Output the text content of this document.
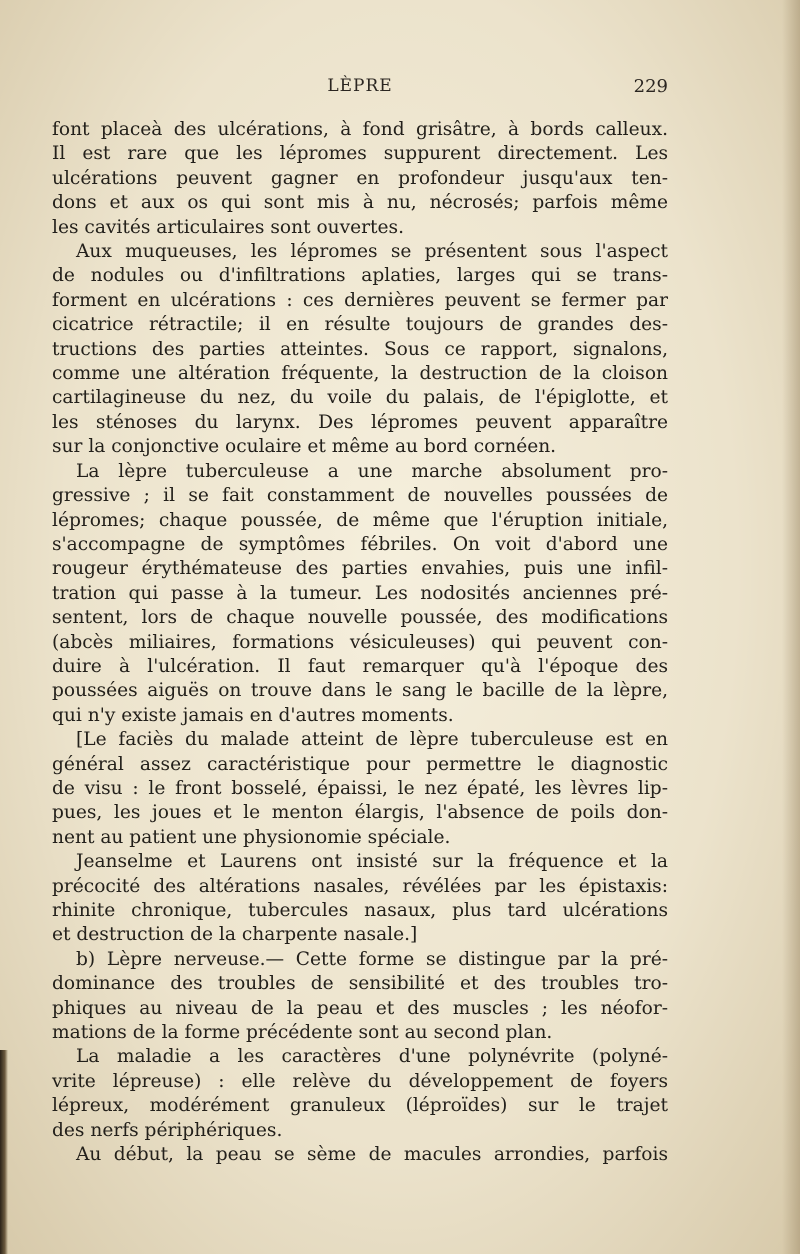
LÈPRE	229

font placeà des ulcérations, à fond grisâtre, à bords calleux.
Il est rare que les lépromes suppurent directement. Les
ulcérations peuvent gagner en profondeur jusqu'aux ten-
dons et aux os qui sont mis à nu, nécrosés; parfois même
les cavités articulaires sont ouvertes.

Aux muqueuses, les lépromes se présentent sous l'aspect
de nodules ou d'infiltrations aplaties, larges qui se trans-
forment en ulcérations : ces dernières peuvent se fermer par
cicatrice rétractile; il en résulte toujours de grandes des-
tructions des parties atteintes. Sous ce rapport, signalons,
comme une altération fréquente, la destruction de la cloison
cartilagineuse du nez, du voile du palais, de l'épiglotte, et
les sténoses du larynx. Des lépromes peuvent apparaître
sur la conjonctive oculaire et même au bord cornéen.

La lèpre tuberculeuse a une marche absolument pro-
gressive ; il se fait constamment de nouvelles poussées de
lépromes; chaque poussée, de même que l'éruption initiale,
s'accompagne de symptômes fébriles. On voit d'abord une
rougeur érythémateuse des parties envahies, puis une infil-
tration qui passe à la tumeur. Les nodosités anciennes pré-
sentent, lors de chaque nouvelle poussée, des modifications
(abcès miliaires, formations vésiculeuses) qui peuvent con-
duire à l'ulcération. Il faut remarquer qu'à l'époque des
poussées aiguës on trouve dans le sang le bacille de la lèpre,
qui n'y existe jamais en d'autres moments.

[Le faciès du malade atteint de lèpre tuberculeuse est en
général assez caractéristique pour permettre le diagnostic
de visu : le front bosselé, épaissi, le nez épaté, les lèvres lip-
pues, les joues et le menton élargis, l'absence de poils don-
nent au patient une physionomie spéciale.

Jeanselme et Laurens ont insisté sur la fréquence et la
précocité des altérations nasales, révélées par les épistaxis:
rhinite chronique, tubercules nasaux, plus tard ulcérations
et destruction de la charpente nasale.]

b) Lèpre nerveuse.— Cette forme se distingue par la pré-
dominance des troubles de sensibilité et des troubles tro-
phiques au niveau de la peau et des muscles ; les néofor-
mations de la forme précédente sont au second plan.

La maladie a les caractères d'une polynévrite (polyné-
vrite lépreuse) : elle relève du développement de foyers
lépreux, modérément granuleux (léproïdes) sur le trajet
des nerfs périphériques.

Au début, la peau se sème de macules arrondies, parfois
